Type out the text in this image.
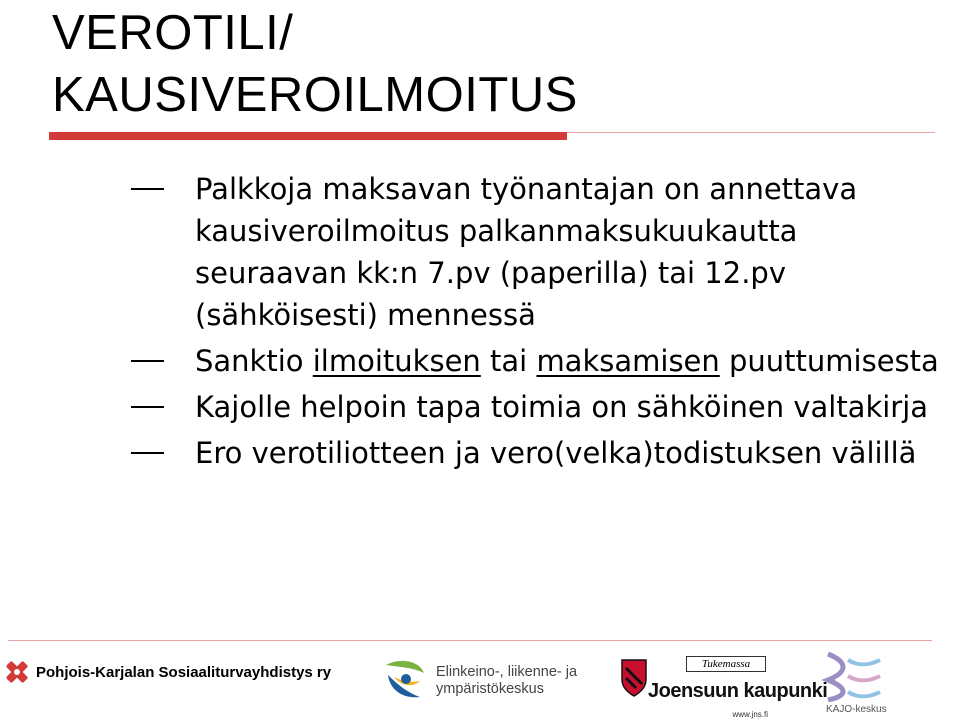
VEROTILI/
KAUSIVEROILMOITUS
Palkkoja maksavan työnantajan on annettava kausiveroilmoitus palkanmaksukuukautta seuraavan kk:n 7.pv (paperilla) tai 12.pv (sähköisesti) mennessä
Sanktio ilmoituksen tai maksamisen puuttumisesta
Kajolle helpoin tapa toimia on sähköinen valtakirja
Ero verotiliotteen ja vero(velka)todistuksen välillä
Pohjois-Karjalan Sosiaaliturvayhdistys ry	Elinkeino-, liikenne- ja
ympäristökeskus
Tukemassa
Joensuun kaupunki
www.jns.fi	KAJO-keskus
